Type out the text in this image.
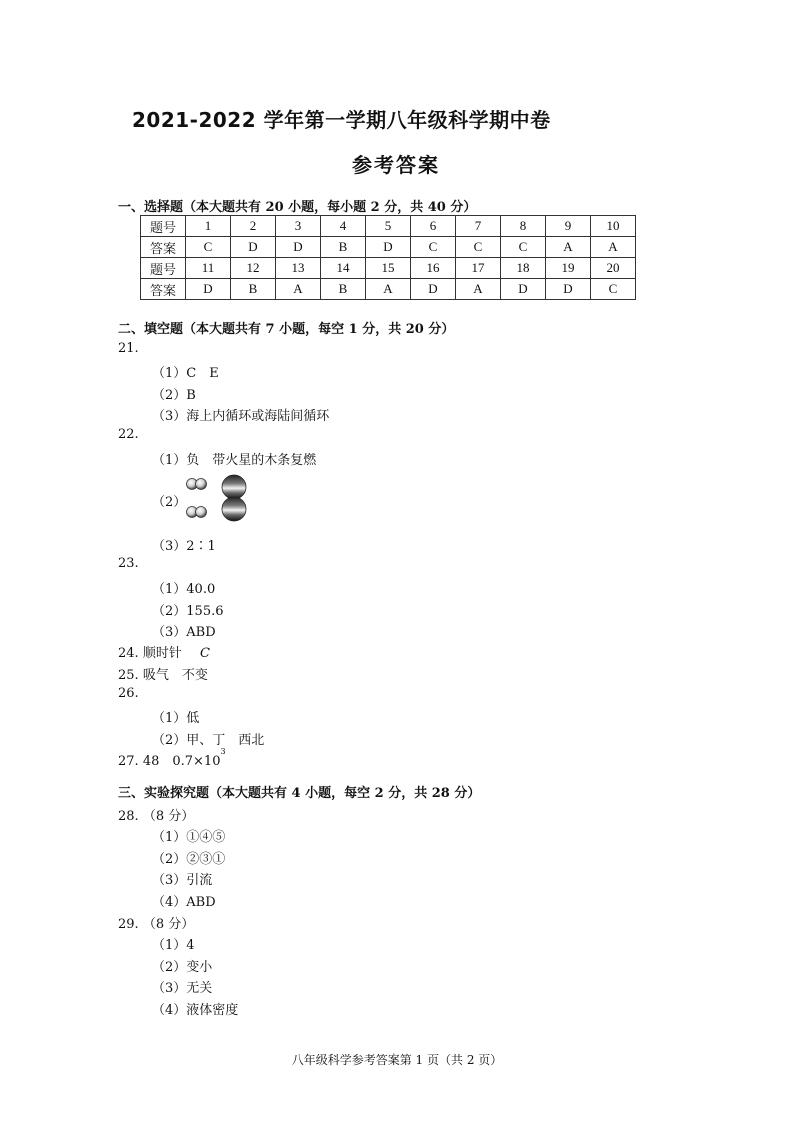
2021-2022 学年第一学期八年级科学期中卷
参考答案
一、选择题（本大题共有 20 小题，每小题 2 分，共 40 分）
题号	1	2	3	4	5	6	7	8	9	10
答案	C	D	D	B	D	C	C	C	A	A
题号	11	12	13	14	15	16	17	18	19	20
答案	D	B	A	B	A	D	A	D	D	C
二、填空题（本大题共有 7 小题，每空 1 分，共 20 分）
21.
（1）C　E
（2）B
（3）海上内循环或海陆间循环
22.
（1）负　带火星的木条复燃
（2）
（3）2∶1
23.
（1）40.0
（2）155.6
（3）ABD
24. 顺时针 C
25. 吸气　不变
26.
（1）低
（2）甲、丁　西北
27. 48　$0.7\times 10^3$
三、实验探究题（本大题共有 4 小题，每空 2 分，共 28 分）
28. （8 分）
（1）①④⑤
（2）②③①
（3）引流
（4）ABD
29. （8 分）
（1）4
（2）变小
（3）无关
（4）液体密度
八年级科学参考答案第 1 页（共 2 页）
